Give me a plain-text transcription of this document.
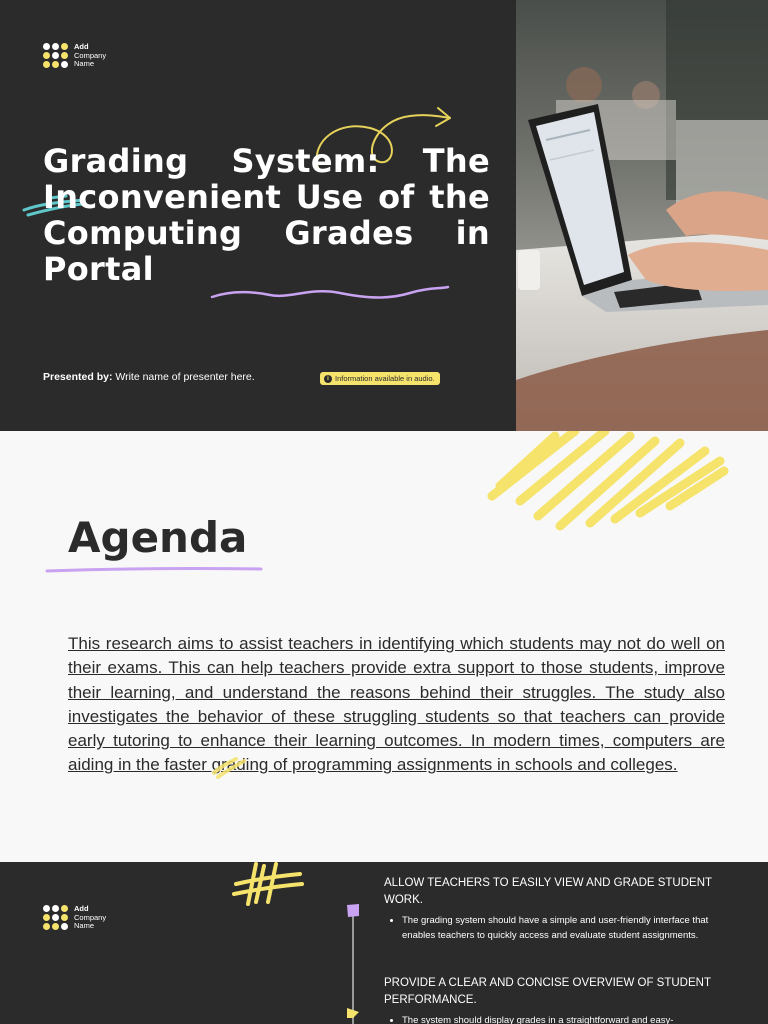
Add
Company
Name
Grading System: The
Inconvenient Use of the
Computing Grades in
Portal
Presented by: Write name of presenter here.	i Information available in audio.
Agenda

This research aims to assist teachers in identifying which students may not do well on their exams. This can help teachers provide extra support to those students, improve their learning, and understand the reasons behind their struggles. The study also investigates the behavior of these struggling students so that teachers can provide early tutoring to enhance their learning outcomes. In modern times, computers are aiding in the faster grading of programming assignments in schools and colleges.

Add
Company
Name

ALLOW TEACHERS TO EASILY VIEW AND GRADE STUDENT WORK.

• The grading system should have a simple and user-friendly interface that enables teachers to quickly access and evaluate student assignments.

PROVIDE A CLEAR AND CONCISE OVERVIEW OF STUDENT PERFORMANCE.

• The system should display grades in a straightforward and easy-
